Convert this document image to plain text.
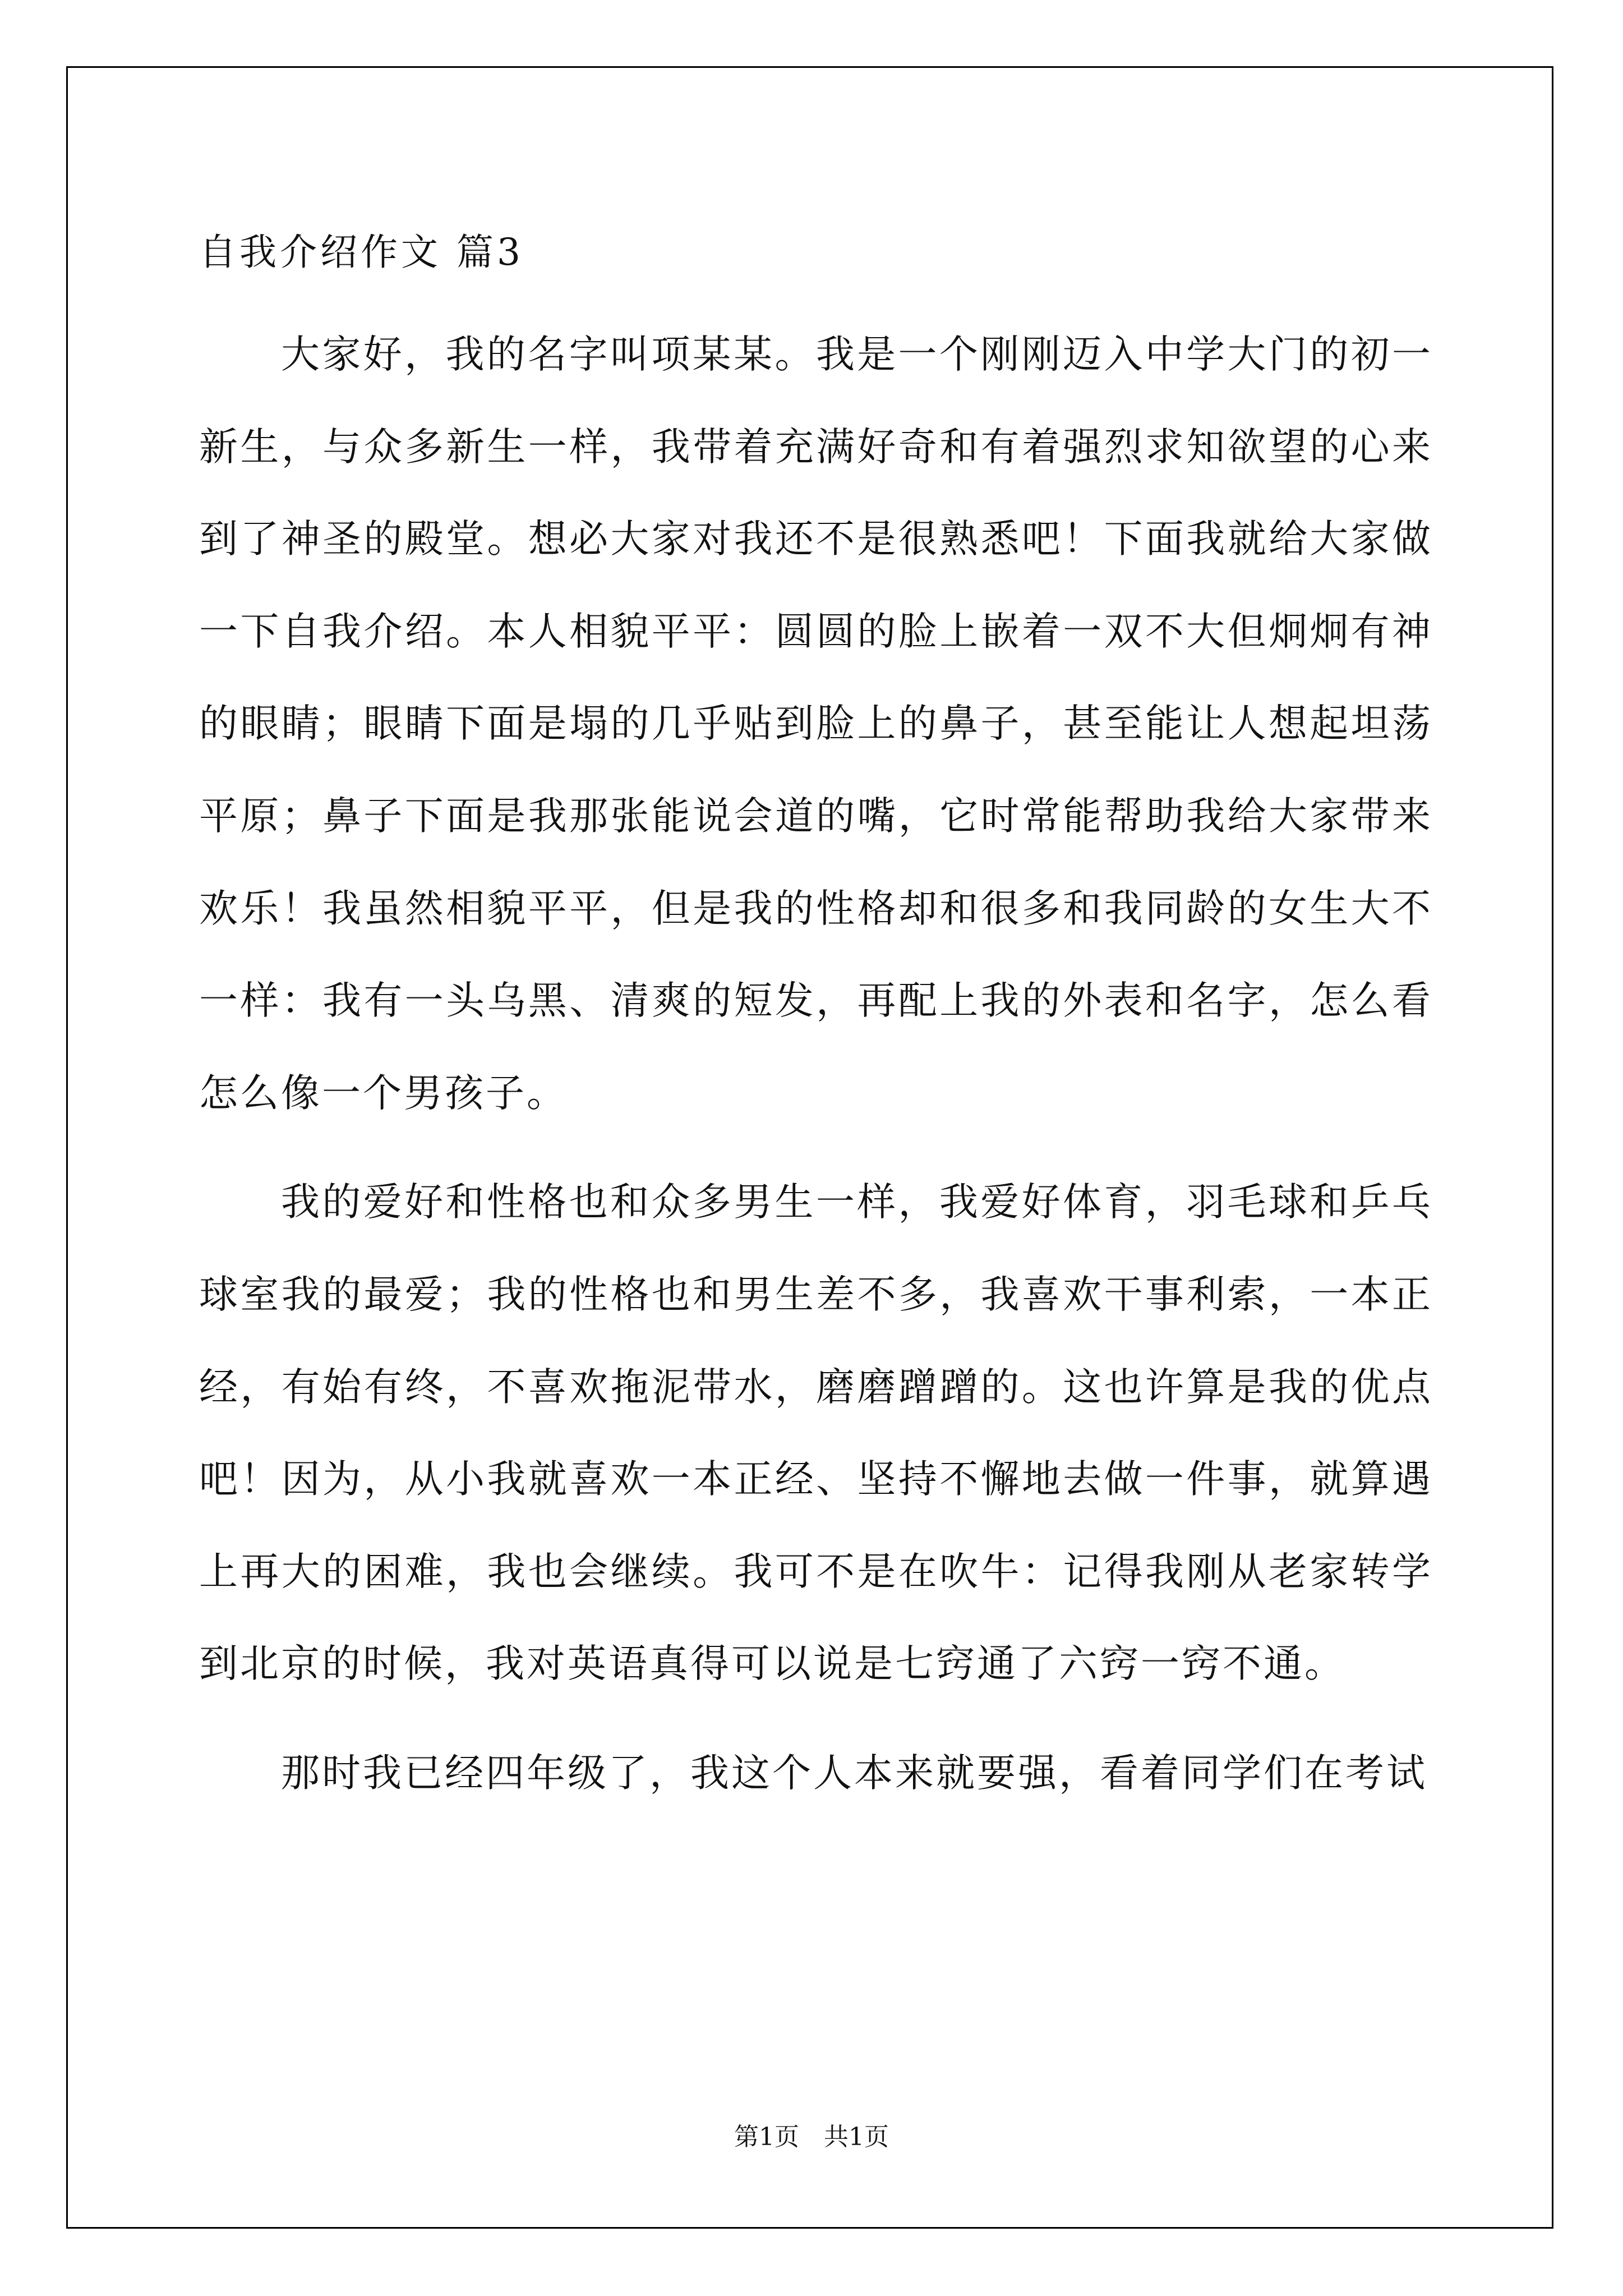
自我介绍作文 篇3

大家好，我的名字叫项某某。我是一个刚刚迈入中学大门的初一新生，与众多新生一样，我带着充满好奇和有着强烈求知欲望的心来到了神圣的殿堂。想必大家对我还不是很熟悉吧！下面我就给大家做一下自我介绍。本人相貌平平：圆圆的脸上嵌着一双不大但炯炯有神的眼睛；眼睛下面是塌的几乎贴到脸上的鼻子，甚至能让人想起坦荡平原；鼻子下面是我那张能说会道的嘴，它时常能帮助我给大家带来欢乐！我虽然相貌平平，但是我的性格却和很多和我同龄的女生大不一样：我有一头乌黑、清爽的短发，再配上我的外表和名字，怎么看怎么像一个男孩子。

我的爱好和性格也和众多男生一样，我爱好体育，羽毛球和乒乓球室我的最爱；我的性格也和男生差不多，我喜欢干事利索，一本正经，有始有终，不喜欢拖泥带水，磨磨蹭蹭的。这也许算是我的优点吧！因为，从小我就喜欢一本正经、坚持不懈地去做一件事，就算遇上再大的困难，我也会继续。我可不是在吹牛：记得我刚从老家转学到北京的时候，我对英语真得可以说是七窍通了六窍一窍不通。

那时我已经四年级了，我这个人本来就要强，看着同学们在考试

第1页　共1页
